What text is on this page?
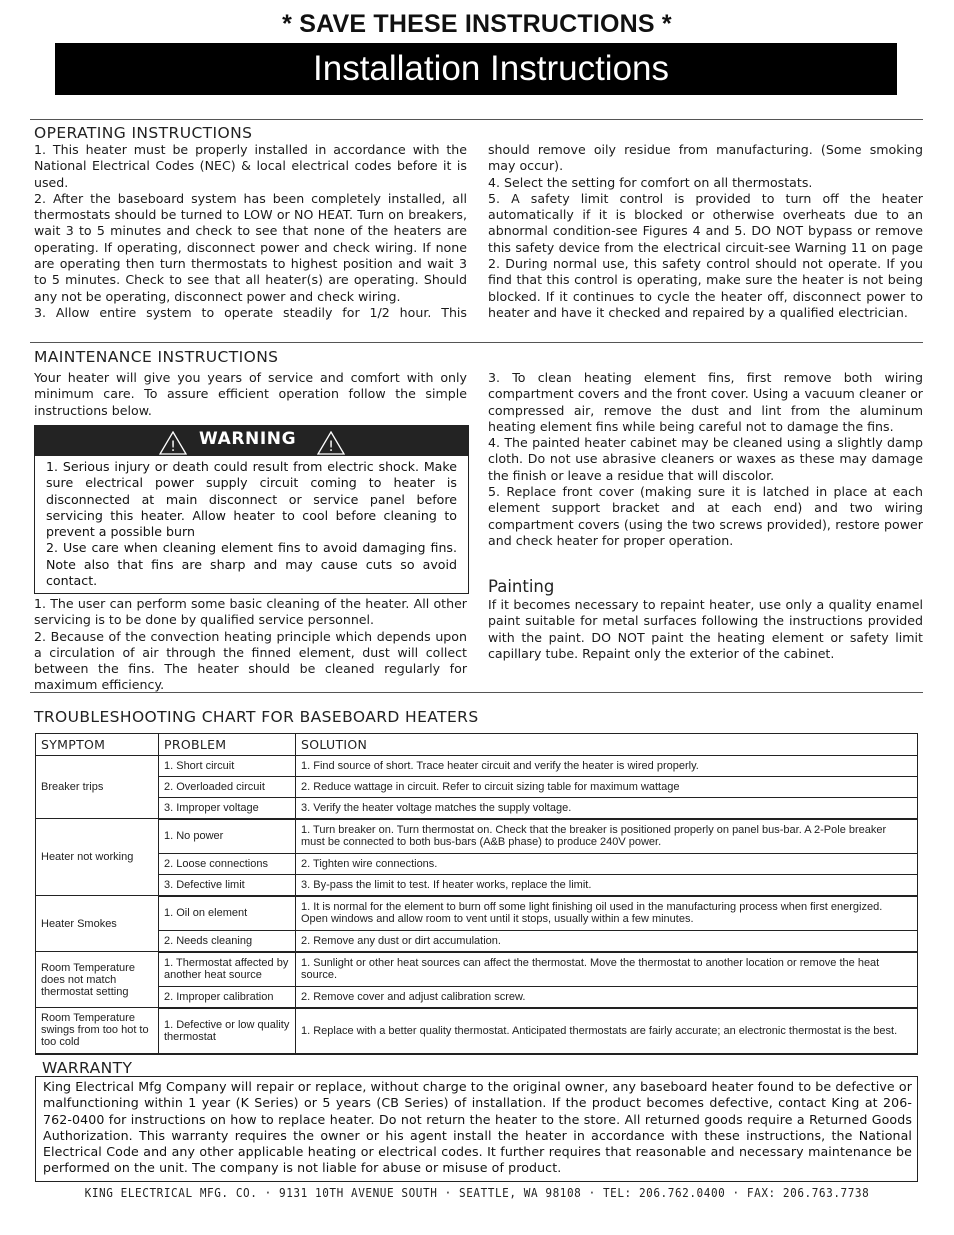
* SAVE THESE INSTRUCTIONS *
Installation Instructions
OPERATING INSTRUCTIONS

1. This heater must be properly installed in accordance with the National Electrical Codes (NEC) & local electrical codes before it is used.

2. After the baseboard system has been completely installed, all thermostats should be turned to LOW or NO HEAT. Turn on breakers, wait 3 to 5 minutes and check to see that none of the heaters are operating. If operating, disconnect power and check wiring. If none are operating then turn thermostats to highest position and wait 3 to 5 minutes. Check to see that all heater(s) are operating. Should any not be operating, disconnect power and check wiring.

3. Allow entire system to operate steadily for 1/2 hour. This

should remove oily residue from manufacturing. (Some smoking may occur).

4. Select the setting for comfort on all thermostats.

5. A safety limit control is provided to turn off the heater automatically if it is blocked or otherwise overheats due to an abnormal condition-see Figures 4 and 5. DO NOT bypass or remove this safety device from the electrical circuit-see Warning 11 on page 2. During normal use, this safety control should not operate. If you find that this control is operating, make sure the heater is not being blocked. If it continues to cycle the heater off, disconnect power to heater and have it checked and repaired by a qualified electrician.

MAINTENANCE INSTRUCTIONS
Your heater will give you years of service and comfort with only minimum care. To assure efficient operation follow the simple instructions below.
! WARNING !

1. Serious injury or death could result from electric shock. Make sure electrical power supply circuit coming to heater is disconnected at main disconnect or service panel before servicing this heater. Allow heater to cool before cleaning to prevent a possible burn

2. Use care when cleaning element fins to avoid damaging fins. Note also that fins are sharp and may cause cuts so avoid contact.

1. The user can perform some basic cleaning of the heater. All other servicing is to be done by qualified service personnel.

2. Because of the convection heating principle which depends upon a circulation of air through the finned element, dust will collect between the fins. The heater should be cleaned regularly for maximum efficiency.

3. To clean heating element fins, first remove both wiring compartment covers and the front cover. Using a vacuum cleaner or compressed air, remove the dust and lint from the aluminum heating element fins while being careful not to damage the fins.

4. The painted heater cabinet may be cleaned using a slightly damp cloth. Do not use abrasive cleaners or waxes as these may damage the finish or leave a residue that will discolor.

5. Replace front cover (making sure it is latched in place at each element support bracket and at each end) and two wiring compartment covers (using the two screws provided), restore power and check heater for proper operation.

Painting
If it becomes necessary to repaint heater, use only a quality enamel paint suitable for metal surfaces following the instructions provided with the paint. DO NOT paint the heating element or safety limit capillary tube. Repaint only the exterior of the cabinet.
TROUBLESHOOTING CHART FOR BASEBOARD HEATERS
SYMPTOM	PROBLEM	SOLUTION
Breaker trips	1. Short circuit	1. Find source of short. Trace heater circuit and verify the heater is wired properly.
	2. Overloaded circuit	2. Reduce wattage in circuit. Refer to circuit sizing table for maximum wattage
	3. Improper voltage	3. Verify the heater voltage matches the supply voltage.
Heater not working	1. No power	1. Turn breaker on. Turn thermostat on. Check that the breaker is positioned properly on panel bus-bar. A 2-Pole breaker must be connected to both bus-bars (A&B phase) to produce 240V power.
	2. Loose connections	2. Tighten wire connections.
	3. Defective limit	3. By-pass the limit to test. If heater works, replace the limit.
Heater Smokes	1. Oil on element	1. It is normal for the element to burn off some light finishing oil used in the manufacturing process when first energized. Open windows and allow room to vent until it stops, usually within a few minutes.
	2. Needs cleaning	2. Remove any dust or dirt accumulation.
Room Temperature does not match thermostat setting	1. Thermostat affected by another heat source	1. Sunlight or other heat sources can affect the thermostat. Move the thermostat to another location or remove the heat source.
	2. Improper calibration	2. Remove cover and adjust calibration screw.
Room Temperature swings from too hot to too cold	1. Defective or low quality thermostat	1. Replace with a better quality thermostat. Anticipated thermostats are fairly accurate; an electronic thermostat is the best.
WARRANTY
King Electrical Mfg Company will repair or replace, without charge to the original owner, any baseboard heater found to be defective or malfunctioning within 1 year (K Series) or 5 years (CB Series) of installation. If the product becomes defective, contact King at 206-762-0400 for instructions on how to replace heater. Do not return the heater to the store. All returned goods require a Returned Goods Authorization. This warranty requires the owner or his agent install the heater in accordance with these instructions, the National Electrical Code and any other applicable heating or electrical codes. It further requires that reasonable and necessary maintenance be performed on the unit. The company is not liable for abuse or misuse of product.
KING ELECTRICAL MFG. CO. · 9131 10TH AVENUE SOUTH · SEATTLE, WA 98108 · TEL: 206.762.0400 · FAX: 206.763.7738
